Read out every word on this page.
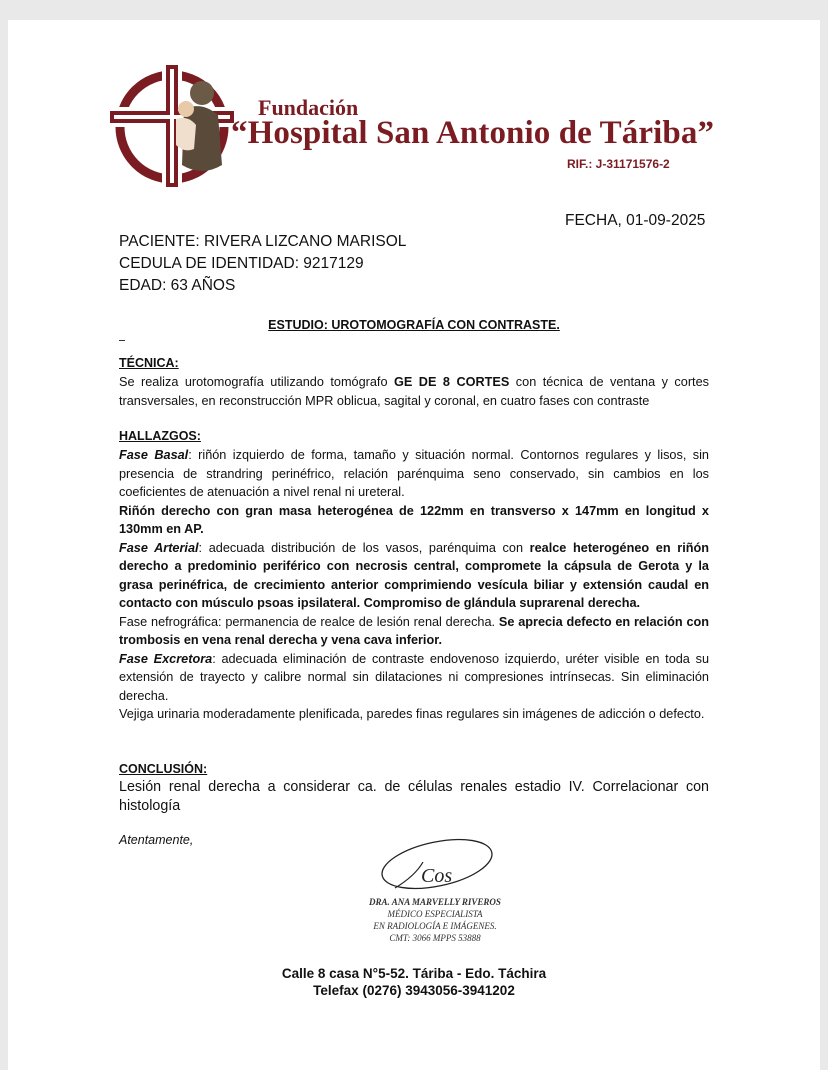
Fundación
“Hospital San Antonio de Táriba”
RIF.: J-31171576-2
FECHA, 01-09-2025
PACIENTE: RIVERA LIZCANO MARISOL
CEDULA DE IDENTIDAD: 9217129
EDAD: 63 AÑOS
ESTUDIO: UROTOMOGRAFÍA CON CONTRASTE.
TÉCNICA:

Se realiza urotomografía utilizando tomógrafo GE DE 8 CORTES con técnica de ventana y cortes transversales, en reconstrucción MPR oblicua, sagital y coronal, en cuatro fases con contraste

HALLAZGOS:

Fase Basal: riñón izquierdo de forma, tamaño y situación normal. Contornos regulares y lisos, sin presencia de strandring perinéfrico, relación parénquima seno conservado, sin cambios en los coeficientes de atenuación a nivel renal ni ureteral.

Riñón derecho con gran masa heterogénea de 122mm en transverso x 147mm en longitud x 130mm en AP.

Fase Arterial: adecuada distribución de los vasos, parénquima con realce heterogéneo en riñón derecho a predominio periférico con necrosis central, compromete la cápsula de Gerota y la grasa perinéfrica, de crecimiento anterior comprimiendo vesícula biliar y extensión caudal en contacto con músculo psoas ipsilateral. Compromiso de glándula suprarenal derecha.

Fase nefrográfica: permanencia de realce de lesión renal derecha. Se aprecia defecto en relación con trombosis en vena renal derecha y vena cava inferior.

Fase Excretora: adecuada eliminación de contraste endovenoso izquierdo, uréter visible en toda su extensión de trayecto y calibre normal sin dilataciones ni compresiones intrínsecas. Sin eliminación derecha.

Vejiga urinaria moderadamente plenificada, paredes finas regulares sin imágenes de adicción o defecto.

CONCLUSIÓN:
Lesión renal derecha a considerar ca. de células renales estadio IV. Correlacionar con histología
Atentamente,
Cos
DRA. ANA MARVELLY RIVEROS
MÉDICO ESPECIALISTA
EN RADIOLOGÍA E IMÁGENES.
CMT: 3066 MPPS 53888
Calle 8 casa N°5-52. Táriba - Edo. Táchira
Telefax (0276) 3943056-3941202
